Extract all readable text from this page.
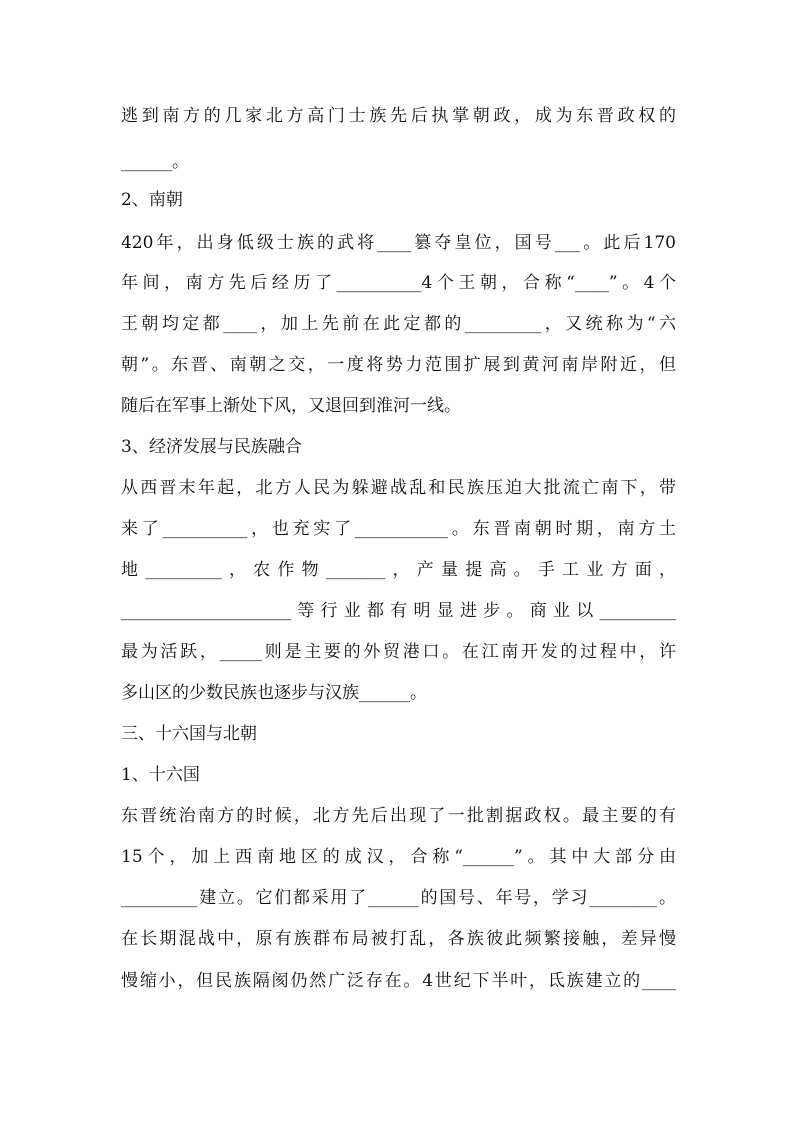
逃到南方的几家北方高门士族先后执掌朝政，成为东晋政权的
______。
2、南朝
420年，出身低级士族的武将____篡夺皇位，国号___。此后170
年间，南方先后经历了__________4个王朝，合称“____”。4个
王朝均定都____，加上先前在此定都的_________，又统称为“六
朝”。东晋、南朝之交，一度将势力范围扩展到黄河南岸附近，但
随后在军事上渐处下风，又退回到淮河一线。
3、经济发展与民族融合
从西晋末年起，北方人民为躲避战乱和民族压迫大批流亡南下，带
来了__________，也充实了___________。东晋南朝时期，南方土
地_________，农作物_______，产量提高。手工业方面，
____________________等行业都有明显进步。商业以_________
最为活跃，_____则是主要的外贸港口。在江南开发的过程中，许
多山区的少数民族也逐步与汉族______。
三、十六国与北朝
1、十六国
东晋统治南方的时候，北方先后出现了一批割据政权。最主要的有
15个，加上西南地区的成汉，合称“______”。其中大部分由
_________建立。它们都采用了______的国号、年号，学习________。
在长期混战中，原有族群布局被打乱，各族彼此频繁接触，差异慢
慢缩小，但民族隔阂仍然广泛存在。4世纪下半叶，氐族建立的____
